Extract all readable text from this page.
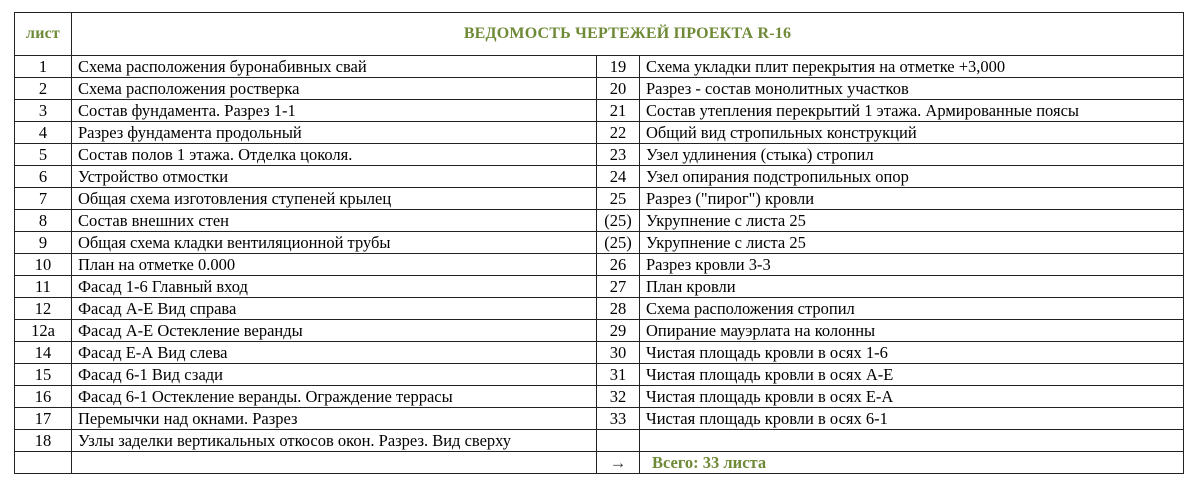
лист	ВЕДОМОСТЬ ЧЕРТЕЖЕЙ ПРОЕКТА R-16		
1	Схема расположения буронабивных свай	19	Схема укладки плит перекрытия на отметке +3,000
2	Схема расположения ростверка	20	Разрез - состав монолитных участков
3	Состав фундамента. Разрез 1-1	21	Состав утепления перекрытий 1 этажа. Армированные поясы
4	Разрез фундамента продольный	22	Общий вид стропильных конструкций
5	Состав полов 1 этажа. Отделка цоколя.	23	Узел удлинения (стыка) стропил
6	Устройство отмостки	24	Узел опирания подстропильных опор
7	Общая схема изготовления ступеней крылец	25	Разрез ("пирог") кровли
8	Состав внешних стен	(25)	Укрупнение с листа 25
9	Общая схема кладки вентиляционной трубы	(25)	Укрупнение с листа 25
10	План на отметке 0.000	26	Разрез кровли 3-3
11	Фасад 1-6 Главный вход	27	План кровли
12	Фасад А-Е Вид справа	28	Схема расположения стропил
12а	Фасад А-Е Остекление веранды	29	Опирание мауэрлата на колонны
14	Фасад Е-А Вид слева	30	Чистая площадь кровли в осях 1-6
15	Фасад 6-1 Вид сзади	31	Чистая площадь кровли в осях А-Е
16	Фасад 6-1 Остекление веранды. Ограждение террасы	32	Чистая площадь кровли в осях Е-А
17	Перемычки над окнами. Разрез	33	Чистая площадь кровли в осях 6-1
18	Узлы заделки вертикальных откосов окон. Разрез. Вид сверху		
		→	Всего: 33 листа
